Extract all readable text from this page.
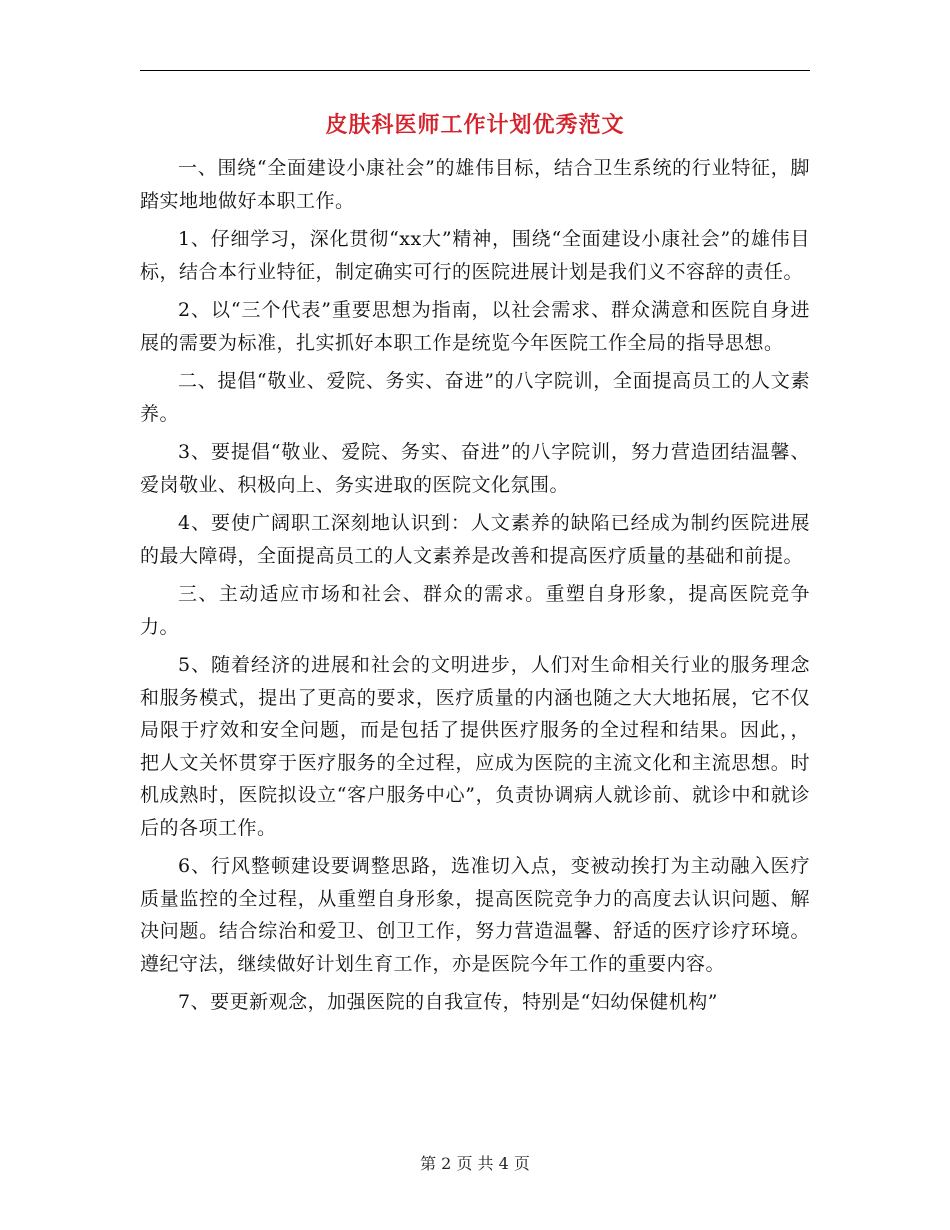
皮肤科医师工作计划优秀范文

一、围绕“全面建设小康社会”的雄伟目标，结合卫生系统的行业特征，脚踏实地地做好本职工作。

1、仔细学习，深化贯彻“xx大”精神，围绕“全面建设小康社会”的雄伟目标，结合本行业特征，制定确实可行的医院进展计划是我们义不容辞的责任。

2、以“三个代表”重要思想为指南，以社会需求、群众满意和医院自身进展的需要为标准，扎实抓好本职工作是统览今年医院工作全局的指导思想。

二、提倡“敬业、爱院、务实、奋进”的八字院训，全面提高员工的人文素养。

3、要提倡“敬业、爱院、务实、奋进”的八字院训，努力营造团结温馨、爱岗敬业、积极向上、务实进取的医院文化氛围。

4、要使广阔职工深刻地认识到：人文素养的缺陷已经成为制约医院进展的最大障碍，全面提高员工的人文素养是改善和提高医疗质量的基础和前提。

三、主动适应市场和社会、群众的需求。重塑自身形象，提高医院竞争力。

5、随着经济的进展和社会的文明进步，人们对生命相关行业的服务理念和服务模式，提出了更高的要求，医疗质量的内涵也随之大大地拓展，它不仅局限于疗效和安全问题，而是包括了提供医疗服务的全过程和结果。因此，，把人文关怀贯穿于医疗服务的全过程，应成为医院的主流文化和主流思想。时机成熟时，医院拟设立“客户服务中心”，负责协调病人就诊前、就诊中和就诊后的各项工作。

6、行风整顿建设要调整思路，选准切入点，变被动挨打为主动融入医疗质量监控的全过程，从重塑自身形象，提高医院竞争力的高度去认识问题、解决问题。结合综治和爱卫、创卫工作，努力营造温馨、舒适的医疗诊疗环境。遵纪守法，继续做好计划生育工作，亦是医院今年工作的重要内容。

7、要更新观念，加强医院的自我宣传，特别是“妇幼保健机构”

第 2 页 共 4 页
